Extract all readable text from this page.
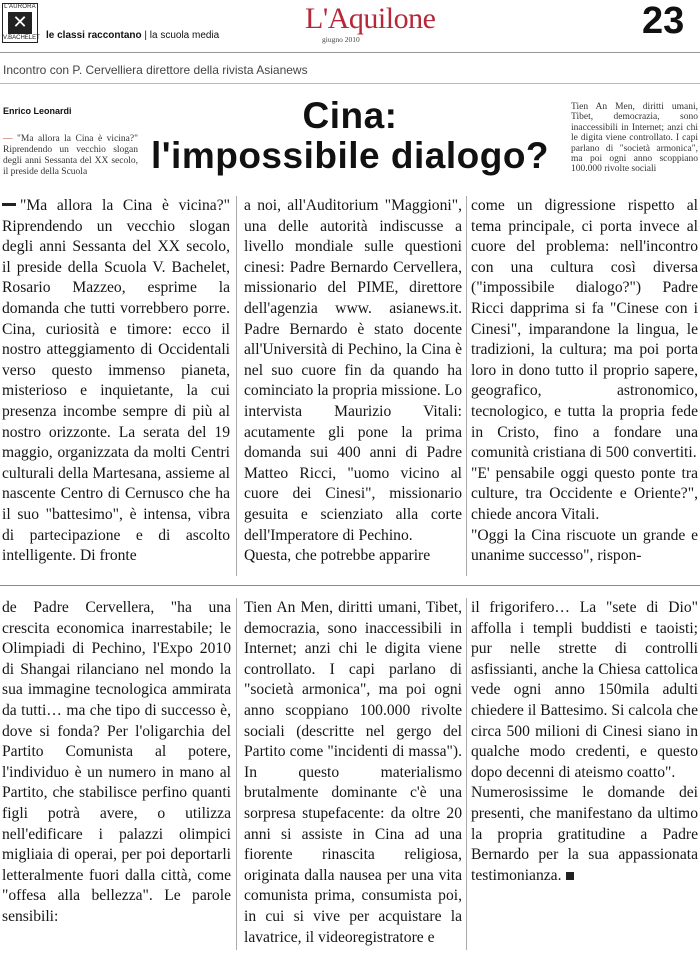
L'AURORA
✕
V.BACHELET le classi raccontano | la scuola media
L'Aquilone
giugno 2010	23
Incontro con P. Cervelliera direttore della rivista Asianews
Enrico Leonardi
— "Ma allora la Cina è vicina?" Riprendendo un vecchio slogan degli anni Sessanta del XX secolo, il preside della Scuola
Tien An Men, diritti umani, Tibet, democrazia, sono inaccessibili in Internet; anzi chi le digita viene controllato. I capi parlano di "società armonica", ma poi ogni anno scoppiano 100.000 rivolte sociali
Cina:
l'impossibile dialogo?
"Ma allora la Cina è vicina?" Riprendendo un vecchio slogan degli anni Sessanta del XX secolo, il preside della Scuola V. Bachelet, Rosario Mazzeo, esprime la domanda che tutti vorrebbero porre. Cina, curiosità e timore: ecco il nostro atteggiamento di Occidentali verso questo immenso pianeta, misterioso e inquietante, la cui presenza incombe sempre di più al nostro orizzonte. La serata del 19 maggio, organizzata da molti Centri culturali della Martesana, assieme al nascente Centro di Cernusco che ha il suo "battesimo", è intensa, vibra di partecipazione e di ascolto intelligente. Di fronte
a noi, all'Auditorium "Maggioni", una delle autorità indiscusse a livello mondiale sulle questioni cinesi: Padre Bernardo Cervellera, missionario del PIME, direttore dell'agenzia www. asianews.it. Padre Bernardo è stato docente all'Università di Pechino, la Cina è nel suo cuore fin da quando ha cominciato la propria missione. Lo intervista Maurizio Vitali: acutamente gli pone la prima domanda sui 400 anni di Padre Matteo Ricci, "uomo vicino al cuore dei Cinesi", missionario gesuita e scienziato alla corte dell'Imperatore di Pechino.
Questa, che potrebbe apparire
come un digressione rispetto al tema principale, ci porta invece al cuore del problema: nell'incontro con una cultura così diversa ("impossibile dialogo?") Padre Ricci dapprima si fa "Cinese con i Cinesi", imparandone la lingua, le tradizioni, la cultura; ma poi porta loro in dono tutto il proprio sapere, geografico, astronomico, tecnologico, e tutta la propria fede in Cristo, fino a fondare una comunità cristiana di 500 convertiti.
"E' pensabile oggi questo ponte tra culture, tra Occidente e Oriente?", chiede ancora Vitali.
"Oggi la Cina riscuote un grande e unanime successo", rispon-
de Padre Cervellera, "ha una crescita economica inarrestabile; le Olimpiadi di Pechino, l'Expo 2010 di Shangai rilanciano nel mondo la sua immagine tecnologica ammirata da tutti… ma che tipo di successo è, dove si fonda? Per l'oligarchia del Partito Comunista al potere, l'individuo è un numero in mano al Partito, che stabilisce perfino quanti figli potrà avere, o utilizza nell'edificare i palazzi olimpici migliaia di operai, per poi deportarli letteralmente fuori dalla città, come "offesa alla bellezza". Le parole sensibili:
Tien An Men, diritti umani, Tibet, democrazia, sono inaccessibili in Internet; anzi chi le digita viene controllato. I capi parlano di "società armonica", ma poi ogni anno scoppiano 100.000 rivolte sociali (descritte nel gergo del Partito come "incidenti di massa"). In questo materialismo brutalmente dominante c'è una sorpresa stupefacente: da oltre 20 anni si assiste in Cina ad una fiorente rinascita religiosa, originata dalla nausea per una vita comunista prima, consumista poi, in cui si vive per acquistare la lavatrice, il videoregistratore e
il frigorifero… La "sete di Dio" affolla i templi buddisti e taoisti; pur nelle strette di controlli asfissianti, anche la Chiesa cattolica vede ogni anno 150mila adulti chiedere il Battesimo. Si calcola che circa 500 milioni di Cinesi siano in qualche modo credenti, e questo dopo decenni di ateismo coatto".
Numerosissime le domande dei presenti, che manifestano da ultimo la propria gratitudine a Padre Bernardo per la sua appassionata testimonianza.
